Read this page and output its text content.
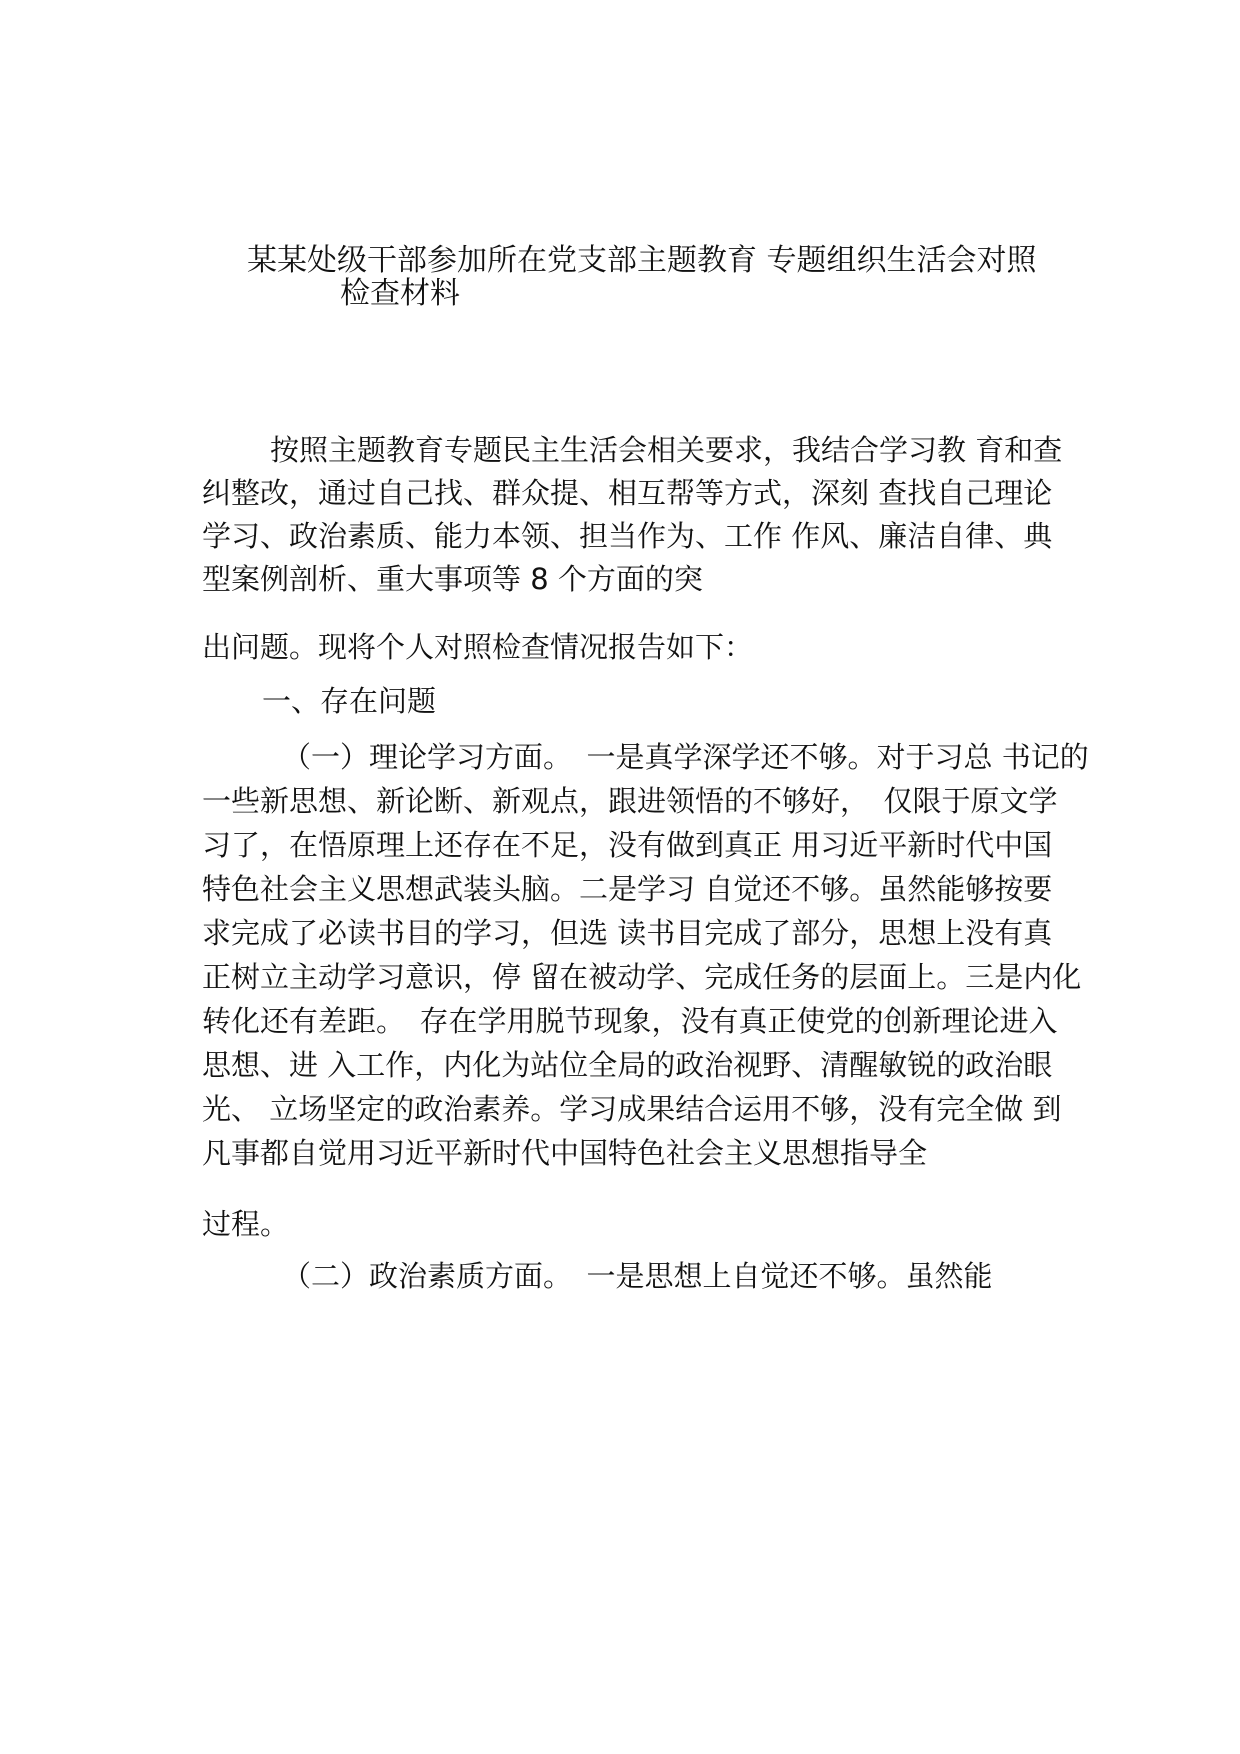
某某处级干部参加所在党支部主题教育 专题组织生活会对照
检查材料
按照主题教育专题民主生活会相关要求，我结合学习教 育和查
纠整改，通过自己找、群众提、相互帮等方式，深刻 查找自己理论
学习、政治素质、能力本领、担当作为、工作 作风、廉洁自律、典
型案例剖析、重大事项等 8 个方面的突
出问题。现将个人对照检查情况报告如下：
一、存在问题
（一）理论学习方面。　一是真学深学还不够。对于习总 书记的
一些新思想、新论断、新观点，跟进领悟的不够好，　仅限于原文学
习了，在悟原理上还存在不足，没有做到真正 用习近平新时代中国
特色社会主义思想武装头脑。二是学习 自觉还不够。虽然能够按要
求完成了必读书目的学习，但选 读书目完成了部分，思想上没有真
正树立主动学习意识，停 留在被动学、完成任务的层面上。三是内化
转化还有差距。　存在学用脱节现象，没有真正使党的创新理论进入
思想、进 入工作，内化为站位全局的政治视野、清醒敏锐的政治眼
光、 立场坚定的政治素养。学习成果结合运用不够，没有完全做 到
凡事都自觉用习近平新时代中国特色社会主义思想指导全
过程。
（二）政治素质方面。　一是思想上自觉还不够。虽然能
